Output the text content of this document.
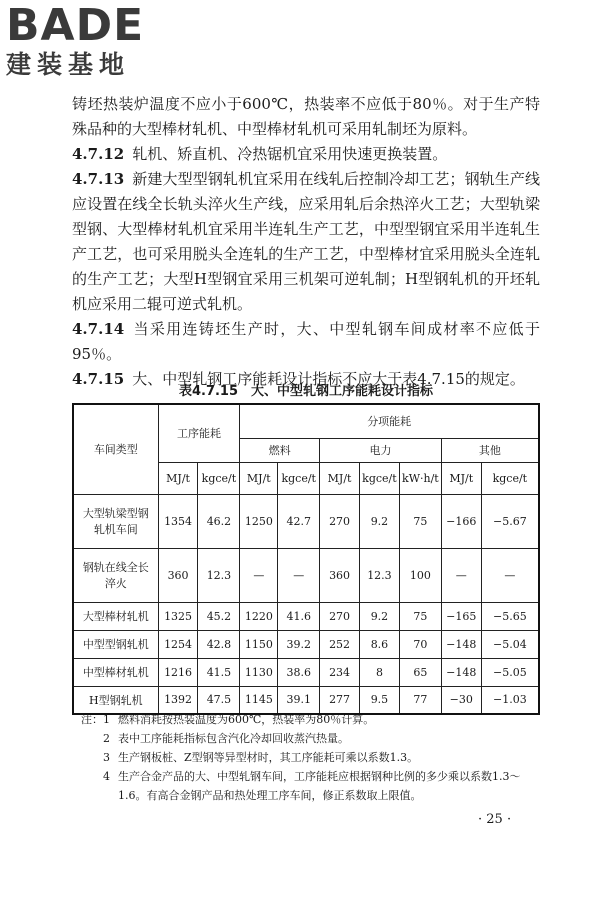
BADE
建装基地

铸坯热装炉温度不应小于600℃，热装率不应低于80％。对于生产特殊品种的大型棒材轧机、中型棒材轧机可采用轧制坯为原料。

4.7.12 轧机、矫直机、冷热锯机宜采用快速更换装置。

4.7.13 新建大型型钢轧机宜采用在线轧后控制冷却工艺；钢轨生产线应设置在线全长轨头淬火生产线，应采用轧后余热淬火工艺；大型轨梁型钢、大型棒材轧机宜采用半连轧生产工艺，中型型钢宜采用半连轧生产工艺，也可采用脱头全连轧的生产工艺，中型棒材宜采用脱头全连轧的生产工艺；大型H型钢宜采用三机架可逆轧制；H型钢轧机的开坯轧机应采用二辊可逆式轧机。

4.7.14 当采用连铸坯生产时，大、中型轧钢车间成材率不应低于95％。

4.7.15 大、中型轧钢工序能耗设计指标不应大于表4.7.15的规定。

表4.7.15　大、中型轧钢工序能耗设计指标
车间类型	工序能耗		分项能耗						
			燃料		电力			其他	
	MJ/t	kgce/t	MJ/t	kgce/t	MJ/t	kgce/t	kW·h/t	MJ/t	kgce/t
大型轨梁型钢轧机车间	1354	46.2	1250	42.7	270	9.2	75	−166	−5.67
钢轨在线全长淬火	360	12.3	—	—	360	12.3	100	—	—
大型棒材轧机	1325	45.2	1220	41.6	270	9.2	75	−165	−5.65
中型型钢轧机	1254	42.8	1150	39.2	252	8.6	70	−148	−5.04
中型棒材轧机	1216	41.5	1130	38.6	234	8	65	−148	−5.05
H型钢轧机	1392	47.5	1145	39.1	277	9.5	77	−30	−1.03
注：1 燃料消耗按热装温度为600℃，热装率为80％计算。
2 表中工序能耗指标包含汽化冷却回收蒸汽热量。
3 生产钢板桩、Z型钢等异型材时，其工序能耗可乘以系数1.3。
4 生产合金产品的大、中型轧钢车间，工序能耗应根据钢种比例的多少乘以系数1.3～1.6。有高合金钢产品和热处理工序车间，修正系数取上限值。
· 25 ·
